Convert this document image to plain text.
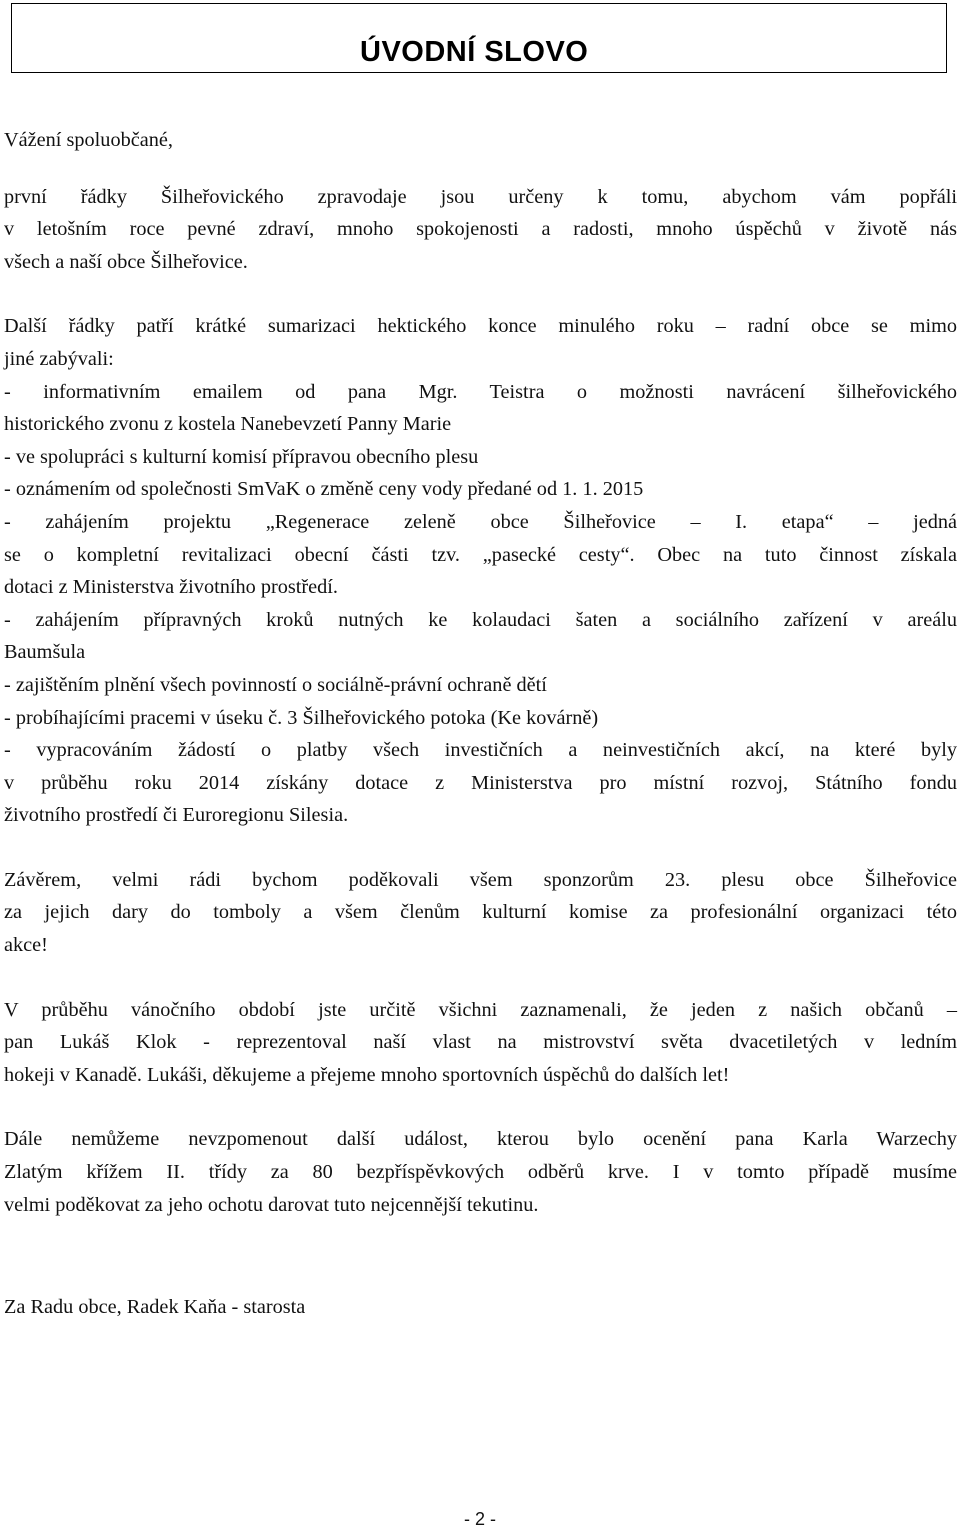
ÚVODNÍ SLOVO

Vážení spoluobčané,

první řádky Šilheřovického zpravodaje jsou určeny k tomu, abychom vám popřáli

v letošním roce pevné zdraví, mnoho spokojenosti a radosti, mnoho úspěchů v životě nás

všech a naší obce Šilheřovice.

Další řádky patří krátké sumarizaci hektického konce minulého roku – radní obce se mimo

jiné zabývali:

- informativním emailem od pana Mgr. Teistra o možnosti navrácení šilheřovického

historického zvonu z kostela Nanebevzetí Panny Marie

- ve spolupráci s kulturní komisí přípravou obecního plesu

- oznámením od společnosti SmVaK o změně ceny vody předané od 1. 1. 2015

- zahájením projektu „Regenerace zeleně obce Šilheřovice – I. etapa“ – jedná

se o kompletní revitalizaci obecní části tzv. „pasecké cesty“. Obec na tuto činnost získala

dotaci z Ministerstva životního prostředí.

- zahájením přípravných kroků nutných ke kolaudaci šaten a sociálního zařízení v areálu

Baumšula

- zajištěním plnění všech povinností o sociálně-právní ochraně dětí

- probíhajícími pracemi v úseku č. 3 Šilheřovického potoka (Ke kovárně)

- vypracováním žádostí o platby všech investičních a neinvestičních akcí, na které byly

v průběhu roku 2014 získány dotace z Ministerstva pro místní rozvoj, Státního fondu

životního prostředí či Euroregionu Silesia.

Závěrem, velmi rádi bychom poděkovali všem sponzorům 23. plesu obce Šilheřovice

za jejich dary do tomboly a všem členům kulturní komise za profesionální organizaci této

akce!

V průběhu vánočního období jste určitě všichni zaznamenali, že jeden z našich občanů –

pan Lukáš Klok - reprezentoval naší vlast na mistrovství světa dvacetiletých v ledním

hokeji v Kanadě. Lukáši, děkujeme a přejeme mnoho sportovních úspěchů do dalších let!

Dále nemůžeme nevzpomenout další událost, kterou bylo ocenění pana Karla Warzechy

Zlatým křížem II. třídy za 80 bezpříspěvkových odběrů krve. I v tomto případě musíme

velmi poděkovat za jeho ochotu darovat tuto nejcennější tekutinu.

Za Radu obce, Radek Kaňa - starosta

- 2 -
